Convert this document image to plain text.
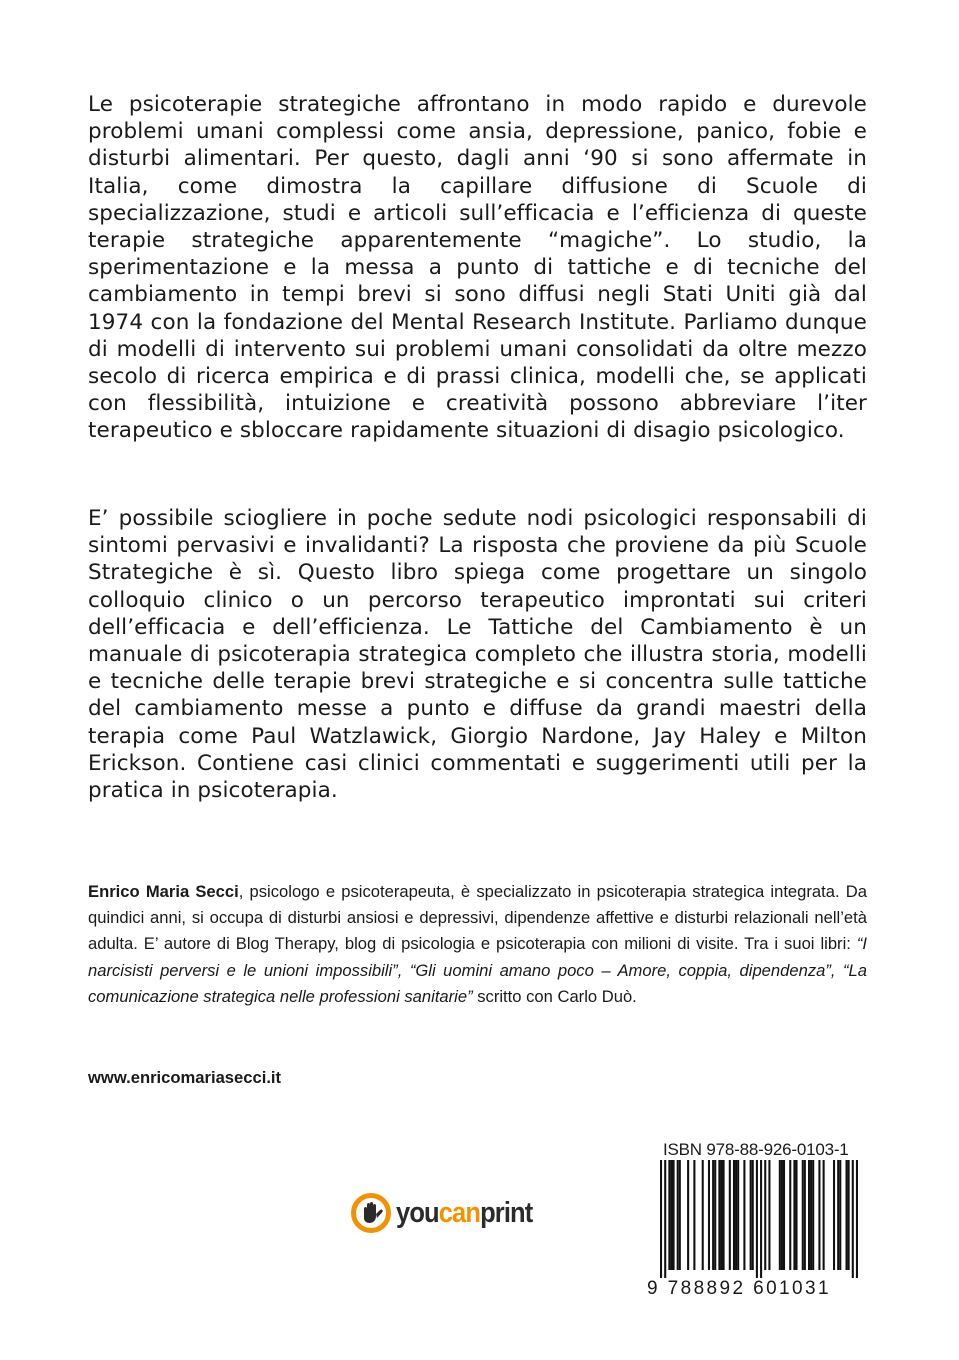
Le psicoterapie strategiche affrontano in modo rapido e durevole problemi umani complessi come ansia, depressione, panico, fobie e disturbi alimentari. Per questo, dagli anni ‘90 si sono affermate in Italia, come dimostra la capillare diffusione di Scuole di specializzazione, studi e articoli sull’efficacia e l’efficienza di queste terapie strategiche apparentemente “magiche”. Lo studio, la sperimentazione e la messa a punto di tattiche e di tecniche del cambiamento in tempi brevi si sono diffusi negli Stati Uniti già dal 1974 con la fondazione del Mental Research Institute. Parliamo dunque di modelli di intervento sui problemi umani consolidati da oltre mezzo secolo di ricerca empirica e di prassi clinica, modelli che, se applicati con flessibilità, intuizione e creatività possono abbreviare l’iter terapeutico e sbloccare rapidamente situazioni di disagio psicologico.

E’ possibile sciogliere in poche sedute nodi psicologici responsabili di sintomi pervasivi e invalidanti? La risposta che proviene da più Scuole Strategiche è sì. Questo libro spiega come progettare un singolo colloquio clinico o un percorso terapeutico improntati sui criteri dell’efficacia e dell’efficienza. Le Tattiche del Cambiamento è un manuale di psicoterapia strategica completo che illustra storia, modelli e tecniche delle terapie brevi strategiche e si concentra sulle tattiche del cambiamento messe a punto e diffuse da grandi maestri della terapia come Paul Watzlawick, Giorgio Nardone, Jay Haley e Milton Erickson. Contiene casi clinici commentati e suggerimenti utili per la pratica in psicoterapia.

Enrico Maria Secci, psicologo e psicoterapeuta, è specializzato in psicoterapia strategica integrata. Da quindici anni, si occupa di disturbi ansiosi e depressivi, dipendenze affettive e disturbi relazionali nell’età adulta. E’ autore di Blog Therapy, blog di psicologia e psicoterapia con milioni di visite. Tra i suoi libri: “I narcisisti perversi e le unioni impossibili”, “Gli uomini amano poco – Amore, coppia, dipendenza”, “La comunicazione strategica nelle professioni sanitarie” scritto con Carlo Duò.

www.enricomariasecci.it
youcanprint
ISBN 978-88-926-0103-1
9 788892 601031
